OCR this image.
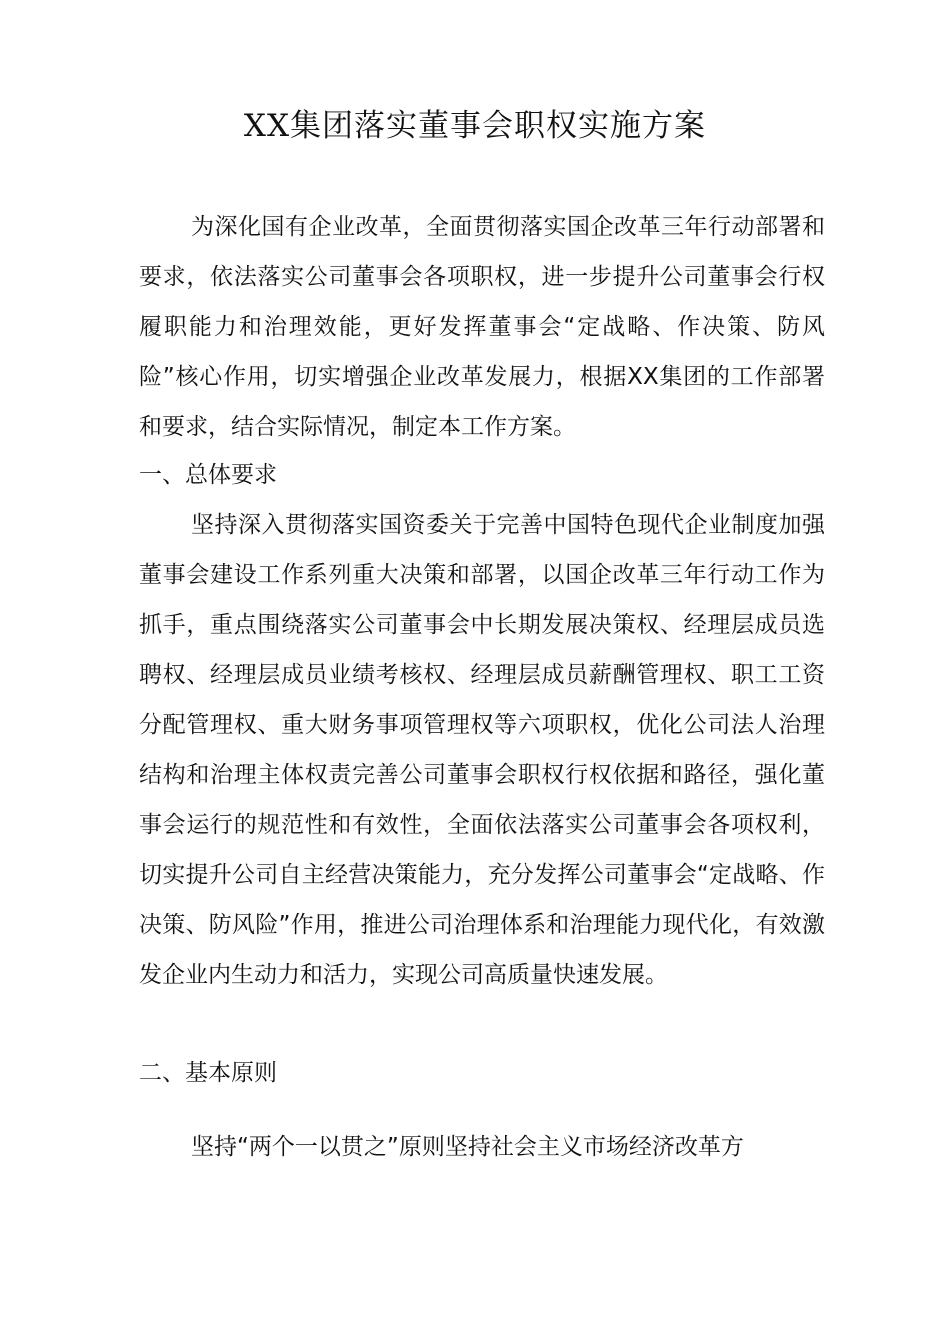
XX集团落实董事会职权实施方案

为深化国有企业改革，全面贯彻落实国企改革三年行动部署和要求，依法落实公司董事会各项职权，进一步提升公司董事会行权履职能力和治理效能，更好发挥董事会“定战略、作决策、防风险”核心作用，切实增强企业改革发展力，根据XX集团的工作部署和要求，结合实际情况，制定本工作方案。

一、总体要求

坚持深入贯彻落实国资委关于完善中国特色现代企业制度加强董事会建设工作系列重大决策和部署，以国企改革三年行动工作为抓手，重点围绕落实公司董事会中长期发展决策权、经理层成员选聘权、经理层成员业绩考核权、经理层成员薪酬管理权、职工工资分配管理权、重大财务事项管理权等六项职权，优化公司法人治理结构和治理主体权责完善公司董事会职权行权依据和路径，强化董事会运行的规范性和有效性，全面依法落实公司董事会各项权利，切实提升公司自主经营决策能力，充分发挥公司董事会“定战略、作决策、防风险”作用，推进公司治理体系和治理能力现代化，有效激发企业内生动力和活力，实现公司高质量快速发展。

二、基本原则

坚持“两个一以贯之”原则坚持社会主义市场经济改革方
